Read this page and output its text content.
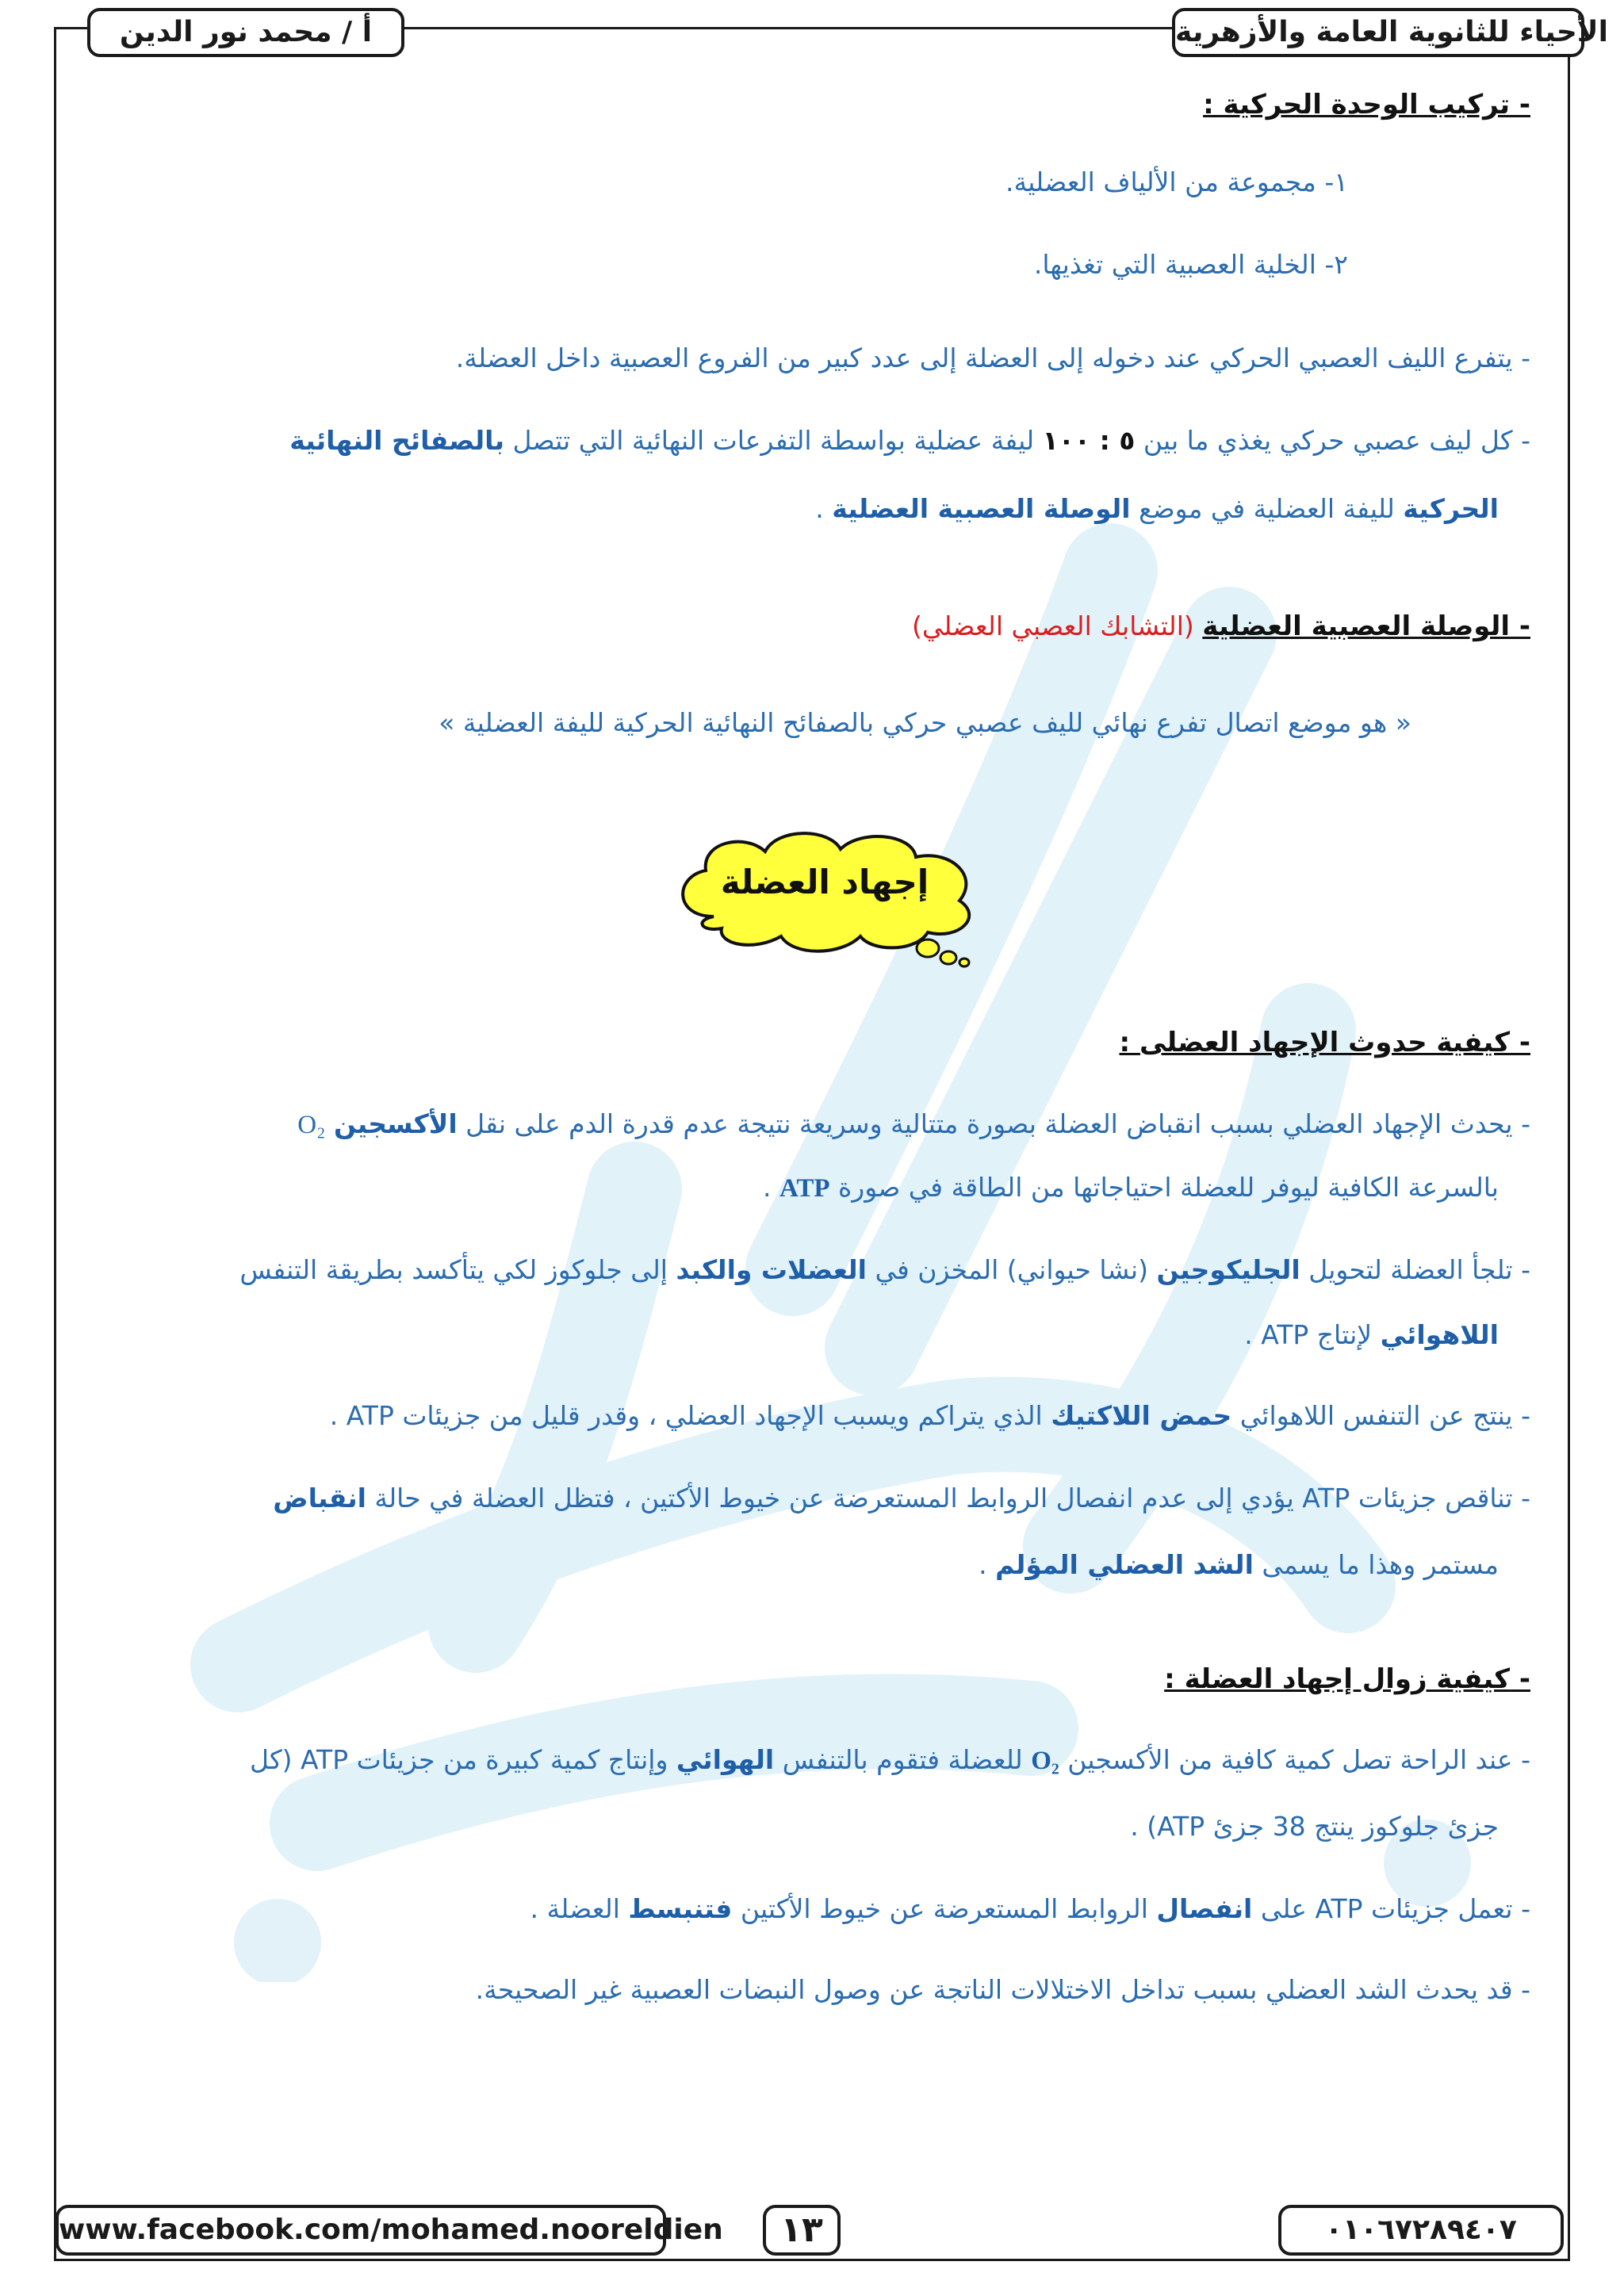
الأحياء للثانوية العامة والأزهرية
أ / محمد نور الدين
- تركيب الوحدة الحركية :
١- مجموعة من الألياف العضلية.
٢- الخلية العصبية التي تغذيها.
- يتفرع الليف العصبي الحركي عند دخوله إلى العضلة إلى عدد كبير من الفروع العصبية داخل العضلة.
- كل ليف عصبي حركي يغذي ما بين ٥ : ١٠٠ ليفة عضلية بواسطة التفرعات النهائية التي تتصل بالصفائح النهائية
الحركية لليفة العضلية في موضع الوصلة العصبية العضلية .
- الوصلة العصبية العضلية (التشابك العصبي العضلي)
« هو موضع اتصال تفرع نهائي لليف عصبي حركي بالصفائح النهائية الحركية لليفة العضلية »
- كيفية حدوث الإجهاد العضلى :
- يحدث الإجهاد العضلي بسبب انقباض العضلة بصورة متتالية وسريعة نتيجة عدم قدرة الدم على نقل الأكسجين O₂
بالسرعة الكافية ليوفر للعضلة احتياجاتها من الطاقة في صورة ATP .
- تلجأ العضلة لتحويل الجليكوجين (نشا حيواني) المخزن في العضلات والكبد إلى جلوكوز لكي يتأكسد بطريقة التنفس
اللاهوائي لإنتاج ATP .
- ينتج عن التنفس اللاهوائي حمض اللاكتيك الذي يتراكم ويسبب الإجهاد العضلي ، وقدر قليل من جزيئات ATP .
- تناقص جزيئات ATP يؤدي إلى عدم انفصال الروابط المستعرضة عن خيوط الأكتين ، فتظل العضلة في حالة انقباض
مستمر وهذا ما يسمى الشد العضلي المؤلم .
- كيفية زوال إجهاد العضلة :
- عند الراحة تصل كمية كافية من الأكسجين O₂ للعضلة فتقوم بالتنفس الهوائي وإنتاج كمية كبيرة من جزيئات ATP (كل
جزئ جلوكوز ينتج 38 جزئ ATP) .
- تعمل جزيئات ATP على انفصال الروابط المستعرضة عن خيوط الأكتين فتنبسط العضلة .
- قد يحدث الشد العضلي بسبب تداخل الاختلالات الناتجة عن وصول النبضات العصبية غير الصحيحة.
إجهاد العضلة
www.facebook.com/mohamed.nooreldien	١٣	٠١٠٦٧٢٨٩٤٠٧
